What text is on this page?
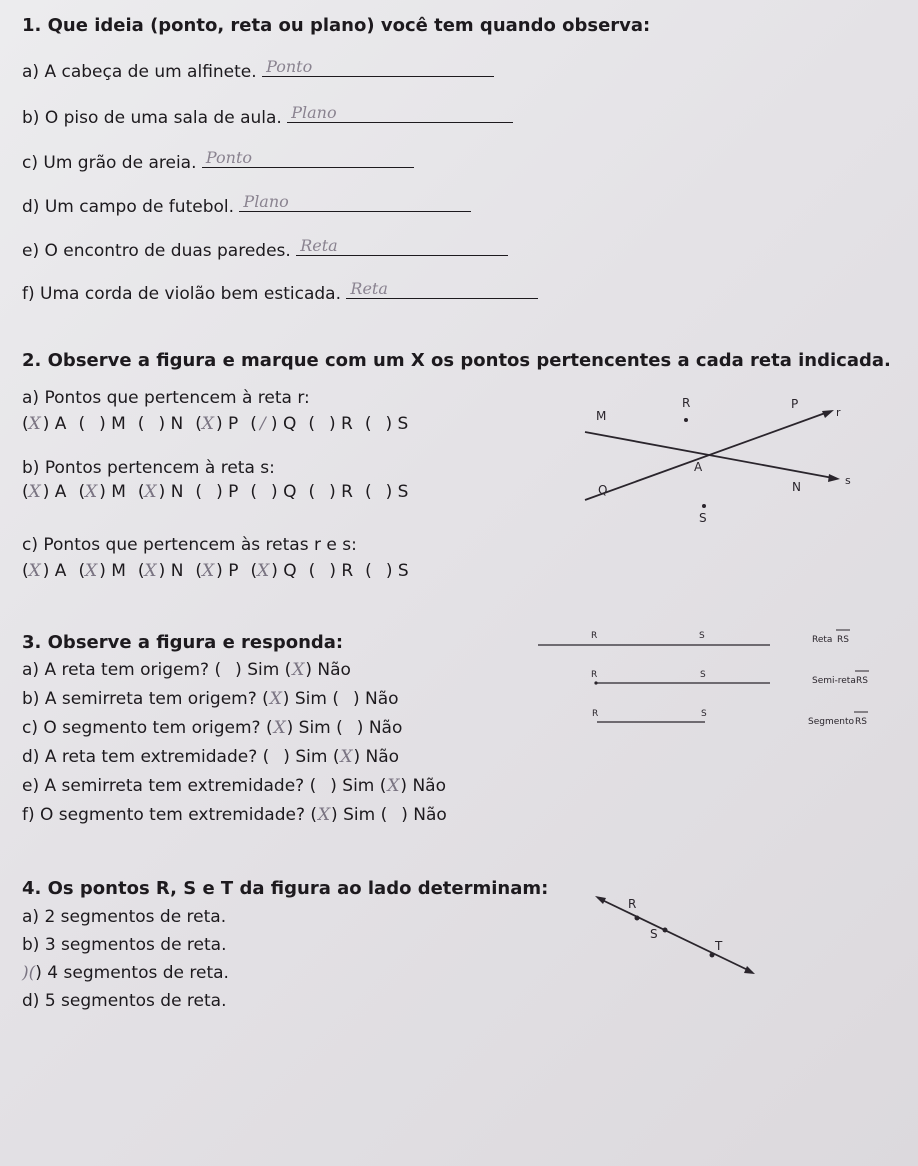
1. Que ideia (ponto, reta ou plano) você tem quando observa:
a) A cabeça de um alfinete. Ponto
b) O piso de uma sala de aula. Plano
c) Um grão de areia. Ponto
d) Um campo de futebol. Plano
e) O encontro de duas paredes. Reta
f) Uma corda de violão bem esticada. Reta
2. Observe a figura e marque com um X os pontos pertencentes a cada reta indicada.
a) Pontos que pertencem à reta r:
(X ) A ( ) M ( ) N (X ) P ( / ) Q ( ) R ( ) S
b) Pontos pertencem à reta s:
(X ) A (X ) M (X ) N ( ) P ( ) Q ( ) R ( ) S
c) Pontos que pertencem às retas r e s:
(X ) A (X ) M (X ) N (X ) P (X ) Q ( ) R ( ) S
r
s
M
R	P
A
Q	N
S
3. Observe a figura e responda:
a) A reta tem origem? ( ) Sim (X) Não
b) A semirreta tem origem? (X) Sim ( ) Não
c) O segmento tem origem? (X) Sim ( ) Não
d) A reta tem extremidade? ( ) Sim (X) Não
e) A semirreta tem extremidade? ( ) Sim (X) Não
f) O segmento tem extremidade? (X) Sim ( ) Não
R	S	Reta RS
R	S
Semi-reta RS
R	S
Segmento RS
4. Os pontos R, S e T da figura ao lado determinam:
a) 2 segmentos de reta.
b) 3 segmentos de reta.
)() 4 segmentos de reta.
d) 5 segmentos de reta.
R
S
T
